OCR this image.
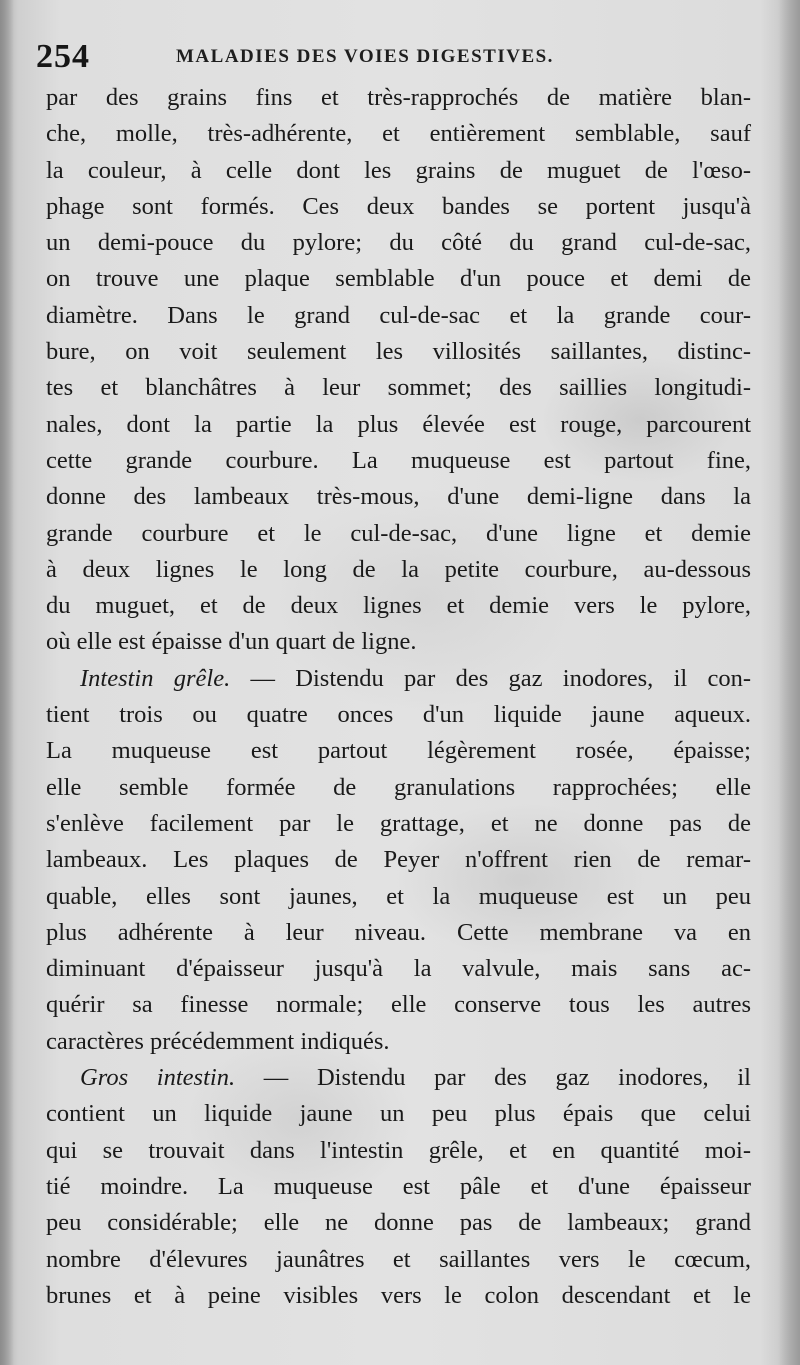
254	MALADIES DES VOIES DIGESTIVES.
par des grains fins et très-rapprochés de matière blan-
che, molle, très-adhérente, et entièrement semblable, sauf
la couleur, à celle dont les grains de muguet de l'œso-
phage sont formés. Ces deux bandes se portent jusqu'à
un demi-pouce du pylore; du côté du grand cul-de-sac,
on trouve une plaque semblable d'un pouce et demi de
diamètre. Dans le grand cul-de-sac et la grande cour-
bure, on voit seulement les villosités saillantes, distinc-
tes et blanchâtres à leur sommet; des saillies longitudi-
nales, dont la partie la plus élevée est rouge, parcourent
cette grande courbure. La muqueuse est partout fine,
donne des lambeaux très-mous, d'une demi-ligne dans la
grande courbure et le cul-de-sac, d'une ligne et demie
à deux lignes le long de la petite courbure, au-dessous
du muguet, et de deux lignes et demie vers le pylore,
où elle est épaisse d'un quart de ligne.
Intestin grêle. — Distendu par des gaz inodores, il con-
tient trois ou quatre onces d'un liquide jaune aqueux.
La muqueuse est partout légèrement rosée, épaisse;
elle semble formée de granulations rapprochées; elle
s'enlève facilement par le grattage, et ne donne pas de
lambeaux. Les plaques de Peyer n'offrent rien de remar-
quable, elles sont jaunes, et la muqueuse est un peu
plus adhérente à leur niveau. Cette membrane va en
diminuant d'épaisseur jusqu'à la valvule, mais sans ac-
quérir sa finesse normale; elle conserve tous les autres
caractères précédemment indiqués.
Gros intestin. — Distendu par des gaz inodores, il
contient un liquide jaune un peu plus épais que celui
qui se trouvait dans l'intestin grêle, et en quantité moi-
tié moindre. La muqueuse est pâle et d'une épaisseur
peu considérable; elle ne donne pas de lambeaux; grand
nombre d'élevures jaunâtres et saillantes vers le cœcum,
brunes et à peine visibles vers le colon descendant et le
